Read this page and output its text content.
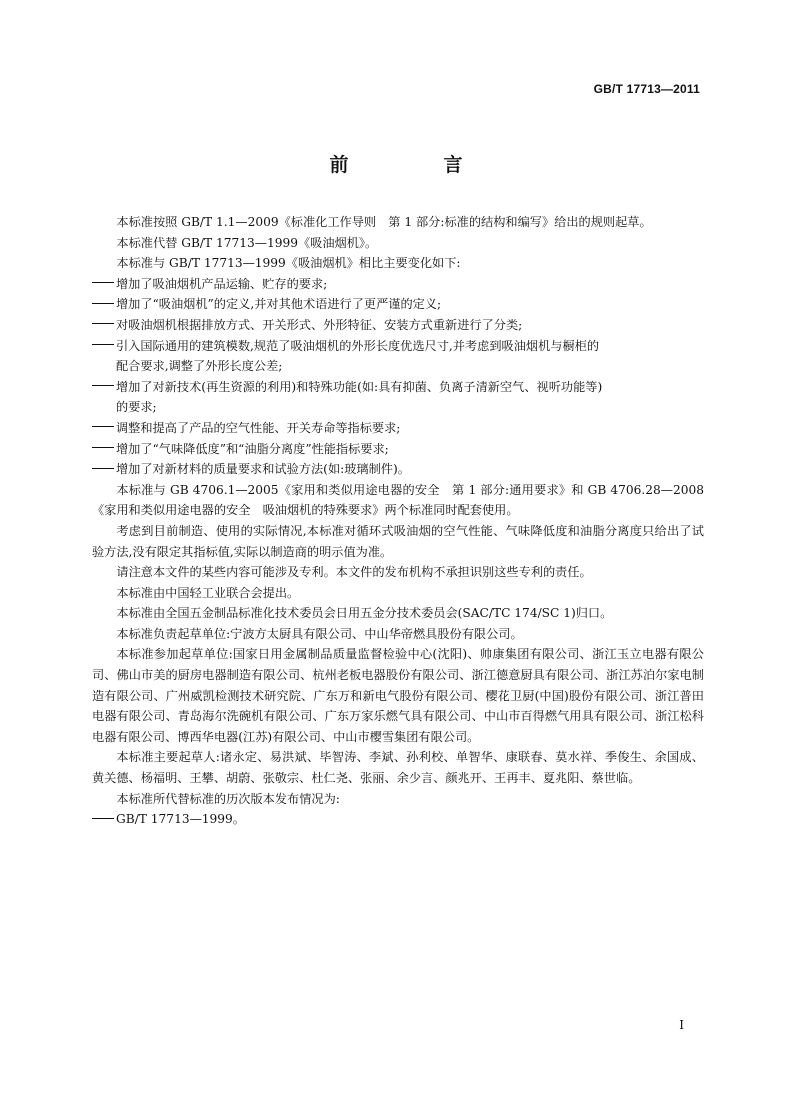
GB/T 17713—2011
前　言

本标准按照 GB/T 1.1—2009《标准化工作导则　第 1 部分:标准的结构和编写》给出的规则起草。

本标准代替 GB/T 17713—1999《吸油烟机》。

本标准与 GB/T 17713—1999《吸油烟机》相比主要变化如下:

增加了吸油烟机产品运输、贮存的要求;

增加了“吸油烟机”的定义,并对其他术语进行了更严谨的定义;

对吸油烟机根据排放方式、开关形式、外形特征、安装方式重新进行了分类;

引入国际通用的建筑模数,规范了吸油烟机的外形长度优选尺寸,并考虑到吸油烟机与橱柜的
配合要求,调整了外形长度公差;

增加了对新技术(再生资源的利用)和特殊功能(如:具有抑菌、负离子清新空气、视听功能等)
的要求;

调整和提高了产品的空气性能、开关寿命等指标要求;

增加了“气味降低度”和“油脂分离度”性能指标要求;

增加了对新材料的质量要求和试验方法(如:玻璃制件)。

本标准与 GB 4706.1—2005《家用和类似用途电器的安全　第 1 部分:通用要求》和 GB 4706.28—2008《家用和类似用途电器的安全　吸油烟机的特殊要求》两个标准同时配套使用。

考虑到目前制造、使用的实际情况,本标准对循环式吸油烟的空气性能、气味降低度和油脂分离度只给出了试验方法,没有限定其指标值,实际以制造商的明示值为准。

请注意本文件的某些内容可能涉及专利。本文件的发布机构不承担识别这些专利的责任。

本标准由中国轻工业联合会提出。

本标准由全国五金制品标准化技术委员会日用五金分技术委员会(SAC/TC 174/SC 1)归口。

本标准负责起草单位:宁波方太厨具有限公司、中山华帝燃具股份有限公司。

本标准参加起草单位:国家日用金属制品质量监督检验中心(沈阳)、帅康集团有限公司、浙江玉立电器有限公司、佛山市美的厨房电器制造有限公司、杭州老板电器股份有限公司、浙江德意厨具有限公司、浙江苏泊尔家电制造有限公司、广州威凯检测技术研究院、广东万和新电气股份有限公司、樱花卫厨(中国)股份有限公司、浙江普田电器有限公司、青岛海尔洗碗机有限公司、广东万家乐燃气具有限公司、中山市百得燃气用具有限公司、浙江松科电器有限公司、博西华电器(江苏)有限公司、中山市樱雪集团有限公司。

本标准主要起草人:诸永定、易洪斌、毕智涛、李斌、孙利校、单智华、康联春、莫水祥、季俊生、余国成、黄关德、杨福明、王攀、胡蔚、张敬宗、杜仁尧、张丽、余少言、颜兆开、王再丰、夏兆阳、蔡世临。

本标准所代替标准的历次版本发布情况为:

GB/T 17713—1999。

I
